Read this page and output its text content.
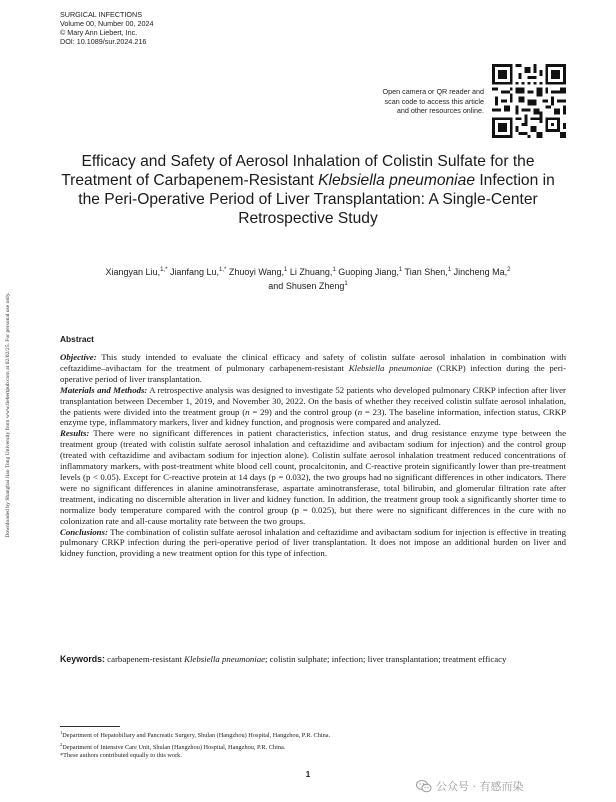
SURGICAL INFECTIONS
Volume 00, Number 00, 2024
© Mary Ann Liebert, Inc.
DOI: 10.1089/sur.2024.216
Open camera or QR reader and
scan code to access this article
and other resources online.
Downloaded by Shanghai Jiao Tong University from www.liebertpub.com at 02/02/25. For personal use only.
Efficacy and Safety of Aerosol Inhalation of Colistin Sulfate for the Treatment of Carbapenem-Resistant Klebsiella pneumoniae Infection in the Peri-Operative Period of Liver Transplantation: A Single-Center Retrospective Study
Xiangyan Liu,$^{1,*}$ Jianfang Lu,$^{1,*}$ Zhuoyi Wang,$^1$ Li Zhuang,$^1$ Guoping Jiang,$^1$ Tian Shen,$^1$ Jincheng Ma,$^2$
and Shusen Zheng$^1$
Abstract

Objective: This study intended to evaluate the clinical efficacy and safety of colistin sulfate aerosol inhalation in combination with ceftazidime–avibactam for the treatment of pulmonary carbapenem-resistant Klebsiella pneumoniae (CRKP) infection during the peri-operative period of liver transplantation.

Materials and Methods: A retrospective analysis was designed to investigate 52 patients who developed pulmonary CRKP infection after liver transplantation between December 1, 2019, and November 30, 2022. On the basis of whether they received colistin sulfate aerosol inhalation, the patients were divided into the treatment group (n = 29) and the control group (n = 23). The baseline information, infection status, CRKP enzyme type, inflammatory markers, liver and kidney function, and prognosis were compared and analyzed.

Results: There were no significant differences in patient characteristics, infection status, and drug resistance enzyme type between the treatment group (treated with colistin sulfate aerosol inhalation and ceftazidime and avibactam sodium for injection) and the control group (treated with ceftazidime and avibactam sodium for injection alone). Colistin sulfate aerosol inhalation treatment reduced concentrations of inflammatory markers, with post-treatment white blood cell count, procalcitonin, and C-reactive protein significantly lower than pre-treatment levels (p < 0.05). Except for C-reactive protein at 14 days (p = 0.032), the two groups had no significant differences in other indicators. There were no significant differences in alanine aminotransferase, aspartate aminotransferase, total bilirubin, and glomerular filtration rate after treatment, indicating no discernible alteration in liver and kidney function. In addition, the treatment group took a significantly shorter time to normalize body temperature compared with the control group (p = 0.025), but there were no significant differences in the cure with no colonization rate and all-cause mortality rate between the two groups.

Conclusions: The combination of colistin sulfate aerosol inhalation and ceftazidime and avibactam sodium for injection is effective in treating pulmonary CRKP infection during the peri-operative period of liver transplantation. It does not impose an additional burden on liver and kidney function, providing a new treatment option for this type of infection.

Keywords: carbapenem-resistant Klebsiella pneumoniae; colistin sulphate; infection; liver transplantation; treatment efficacy
$^1$Department of Hepatobiliary and Pancreatic Surgery, Shulan (Hangzhou) Hospital, Hangzhou, P.R. China.
$^2$Department of Intensive Care Unit, Shulan (Hangzhou) Hospital, Hangzhou, P.R. China.
*These authors contributed equally to this work.
1
公众号 · 有感而染
